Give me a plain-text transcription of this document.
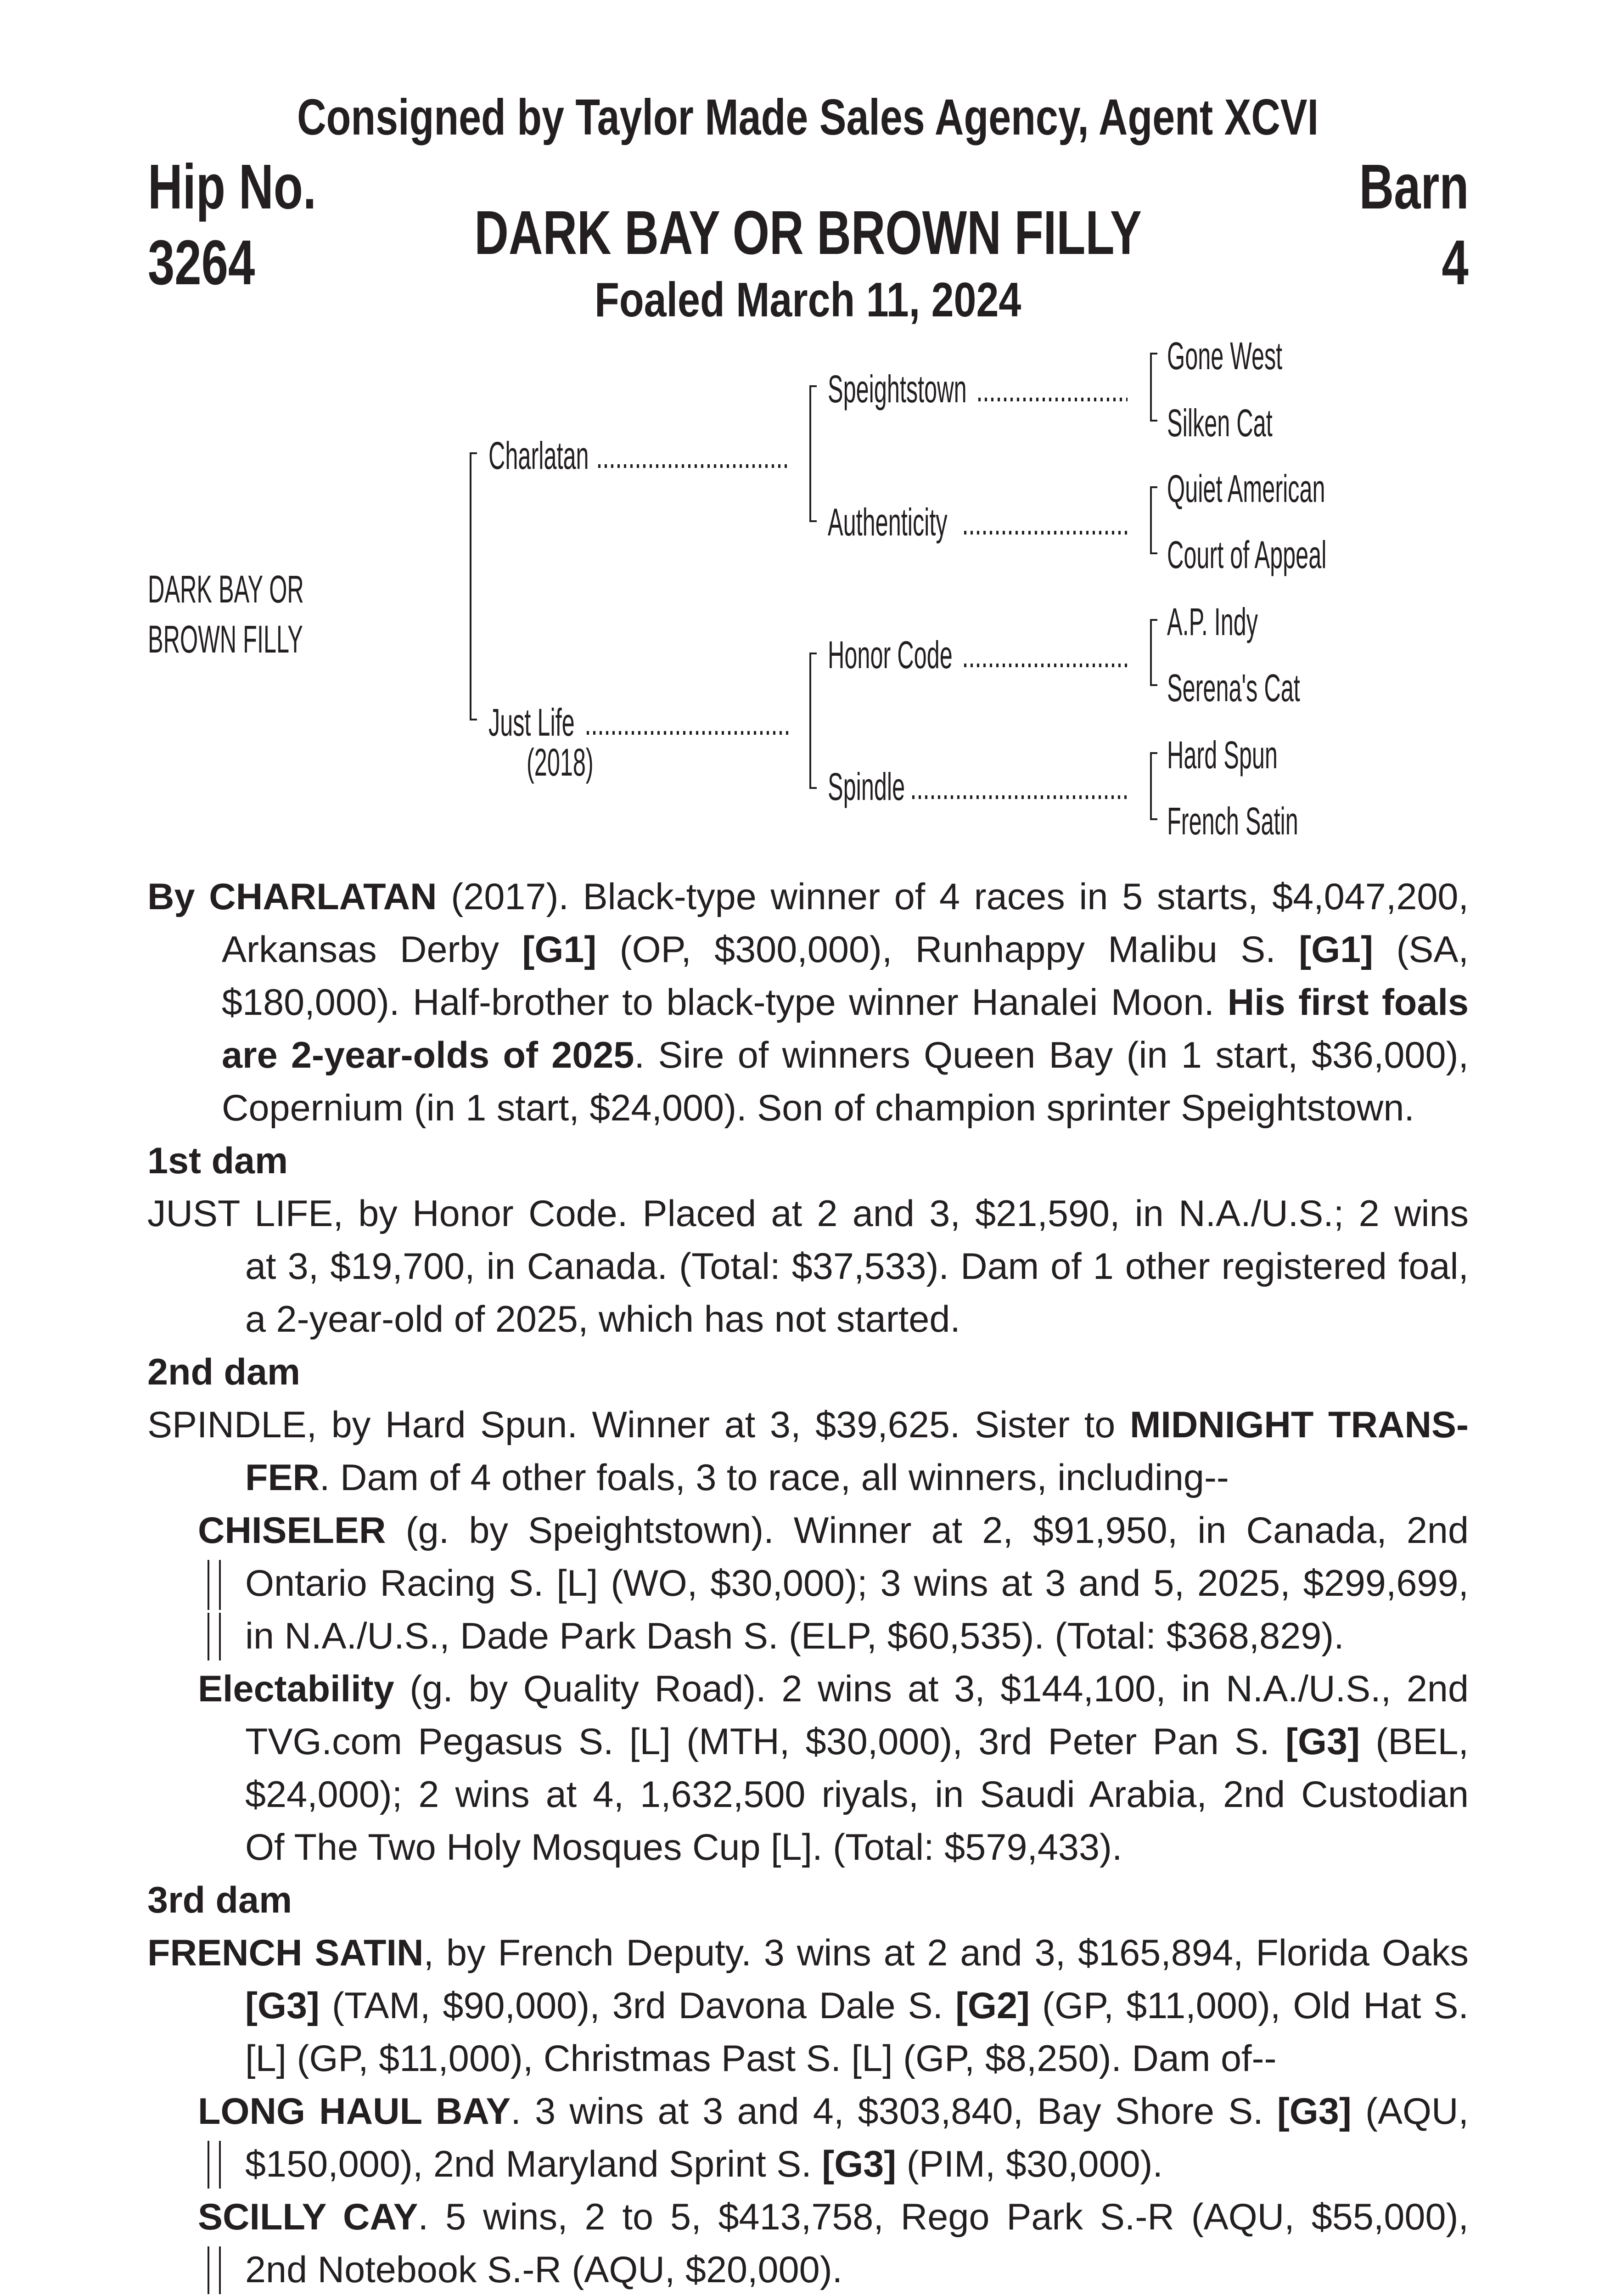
Consigned by Taylor Made Sales Agency, Agent XCVI
Hip No.
3264
Barn
4
DARK BAY OR BROWN FILLY
Foaled March 11, 2024
DARK BAY OR
BROWN FILLY
Charlatan
Just Life
(2018)
Speightstown
Authenticity
Honor Code
Spindle
Gone West
Silken Cat
Quiet American
Court of Appeal
A.P. Indy
Serena's Cat
Hard Spun
French Satin
By CHARLATAN (2017). Black-type winner of 4 races in 5 starts, $4,047,200,
Arkansas Derby [G1] (OP, $300,000), Runhappy Malibu S. [G1] (SA,
$180,000). Half-brother to black-type winner Hanalei Moon. His first foals
are 2-year-olds of 2025. Sire of winners Queen Bay (in 1 start, $36,000),
Copernium (in 1 start, $24,000). Son of champion sprinter Speightstown.
1st dam
JUST LIFE, by Honor Code. Placed at 2 and 3, $21,590, in N.A./U.S.; 2 wins
at 3, $19,700, in Canada. (Total: $37,533). Dam of 1 other registered foal,
a 2-year-old of 2025, which has not started.
2nd dam
SPINDLE, by Hard Spun. Winner at 3, $39,625. Sister to MIDNIGHT TRANS-
FER. Dam of 4 other foals, 3 to race, all winners, including--
CHISELER (g. by Speightstown). Winner at 2, $91,950, in Canada, 2nd
Ontario Racing S. [L] (WO, $30,000); 3 wins at 3 and 5, 2025, $299,699,
in N.A./U.S., Dade Park Dash S. (ELP, $60,535). (Total: $368,829).
Electability (g. by Quality Road). 2 wins at 3, $144,100, in N.A./U.S., 2nd
TVG.com Pegasus S. [L] (MTH, $30,000), 3rd Peter Pan S. [G3] (BEL,
$24,000); 2 wins at 4, 1,632,500 riyals, in Saudi Arabia, 2nd Custodian
Of The Two Holy Mosques Cup [L]. (Total: $579,433).
3rd dam
FRENCH SATIN, by French Deputy. 3 wins at 2 and 3, $165,894, Florida Oaks
[G3] (TAM, $90,000), 3rd Davona Dale S. [G2] (GP, $11,000), Old Hat S.
[L] (GP, $11,000), Christmas Past S. [L] (GP, $8,250). Dam of--
LONG HAUL BAY. 3 wins at 3 and 4, $303,840, Bay Shore S. [G3] (AQU,
$150,000), 2nd Maryland Sprint S. [G3] (PIM, $30,000).
SCILLY CAY. 5 wins, 2 to 5, $413,758, Rego Park S.-R (AQU, $55,000),
2nd Notebook S.-R (AQU, $20,000).
